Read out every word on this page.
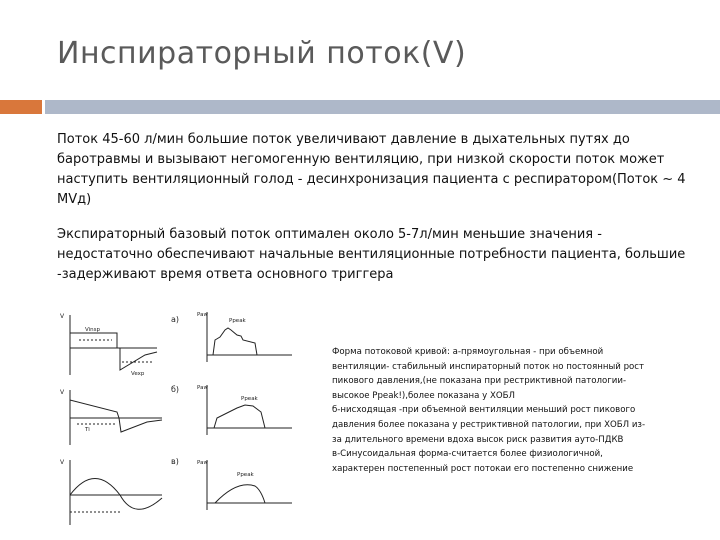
Инспираторный поток(V)
Поток 45-60 л/мин большие поток увеличивают давление в дыхательных путях до баротравмы и вызывают негомогенную вентиляцию, при низкой скорости поток может наступить вентиляционный голод - десинхронизация пациента с респиратором(Поток ~ 4 MVд)
Экспираторный базовый поток оптимален около 5-7л/мин меньшие значения - недостаточно обеспечивают начальные вентиляционные потребности пациента, большие -задерживают время ответа основного триггера
а)
б)
в)
V
V
V
Paw
Paw
Paw
Vinsp
Vexp
Ppeak
Ppeak
Ppeak
Ti
Форма потоковой кривой: а-прямоугольная - при объемной
вентиляции- стабильный инспираторный поток но постоянный рост
пикового давления,(не показана при рестриктивной патологии-
высокое Ppeak!),более показана у ХОБЛ
б-нисходящая -при объемной вентиляции меньший рост пикового
давления более показана у рестриктивной патологии, при ХОБЛ из-
за длительного времени вдоха высок риск развития ауто-ПДКВ
в-Синусоидальная форма-считается более физиологичной,
характерен постепенный рост потокаи его постепенно снижение
